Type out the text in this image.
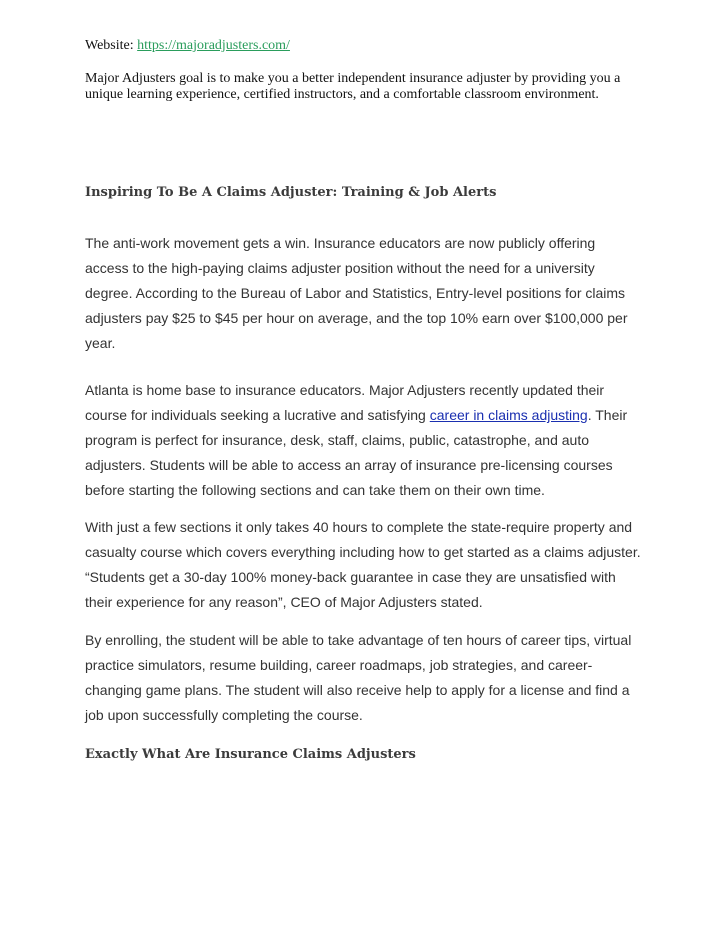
Website: https://majoradjusters.com/

Major Adjusters goal is to make you a better independent insurance adjuster by providing you a unique learning experience, certified instructors, and a comfortable classroom environment.

Inspiring To Be A Claims Adjuster: Training & Job Alerts

The anti-work movement gets a win. Insurance educators are now publicly offering access to the high-paying claims adjuster position without the need for a university degree. According to the Bureau of Labor and Statistics, Entry-level positions for claims adjusters pay $25 to $45 per hour on average, and the top 10% earn over $100,000 per year.

Atlanta is home base to insurance educators. Major Adjusters recently updated their course for individuals seeking a lucrative and satisfying career in claims adjusting. Their program is perfect for insurance, desk, staff, claims, public, catastrophe, and auto adjusters. Students will be able to access an array of insurance pre-licensing courses before starting the following sections and can take them on their own time.

With just a few sections it only takes 40 hours to complete the state-require property and casualty course which covers everything including how to get started as a claims adjuster. “Students get a 30-day 100% money-back guarantee in case they are unsatisfied with their experience for any reason”, CEO of Major Adjusters stated.

By enrolling, the student will be able to take advantage of ten hours of career tips, virtual practice simulators, resume building, career roadmaps, job strategies, and career-changing game plans. The student will also receive help to apply for a license and find a job upon successfully completing the course.

Exactly What Are Insurance Claims Adjusters
